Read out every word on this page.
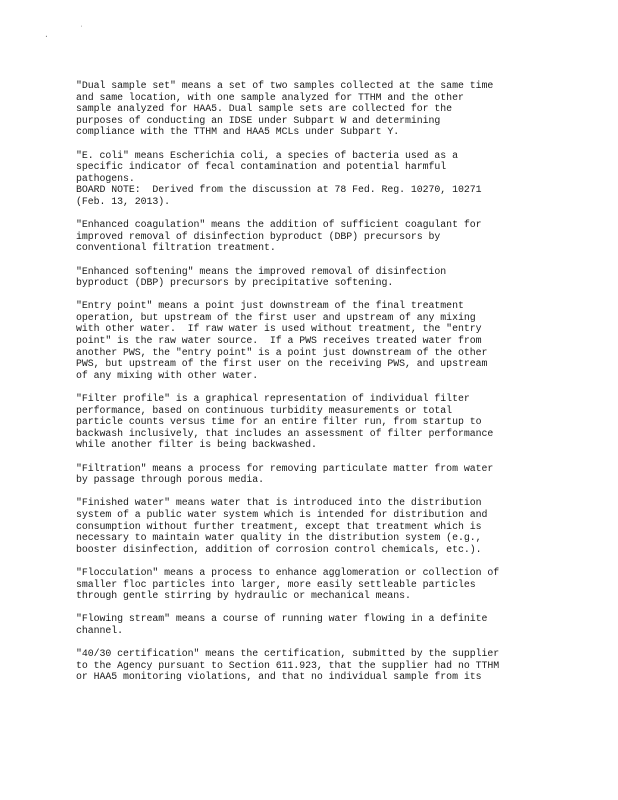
.
˙
"Dual sample set" means a set of two samples collected at the same time
and same location, with one sample analyzed for TTHM and the other
sample analyzed for HAA5. Dual sample sets are collected for the
purposes of conducting an IDSE under Subpart W and determining
compliance with the TTHM and HAA5 MCLs under Subpart Y.
"E. coli" means Escherichia coli, a species of bacteria used as a
specific indicator of fecal contamination and potential harmful
pathogens.
BOARD NOTE:  Derived from the discussion at 78 Fed. Reg. 10270, 10271
(Feb. 13, 2013).
"Enhanced coagulation" means the addition of sufficient coagulant for
improved removal of disinfection byproduct (DBP) precursors by
conventional filtration treatment.
"Enhanced softening" means the improved removal of disinfection
byproduct (DBP) precursors by precipitative softening.
"Entry point" means a point just downstream of the final treatment
operation, but upstream of the first user and upstream of any mixing
with other water.  If raw water is used without treatment, the "entry
point" is the raw water source.  If a PWS receives treated water from
another PWS, the "entry point" is a point just downstream of the other
PWS, but upstream of the first user on the receiving PWS, and upstream
of any mixing with other water.
"Filter profile" is a graphical representation of individual filter
performance, based on continuous turbidity measurements or total
particle counts versus time for an entire filter run, from startup to
backwash inclusively, that includes an assessment of filter performance
while another filter is being backwashed.
"Filtration" means a process for removing particulate matter from water
by passage through porous media.
"Finished water" means water that is introduced into the distribution
system of a public water system which is intended for distribution and
consumption without further treatment, except that treatment which is
necessary to maintain water quality in the distribution system (e.g.,
booster disinfection, addition of corrosion control chemicals, etc.).
"Flocculation" means a process to enhance agglomeration or collection of
smaller floc particles into larger, more easily settleable particles
through gentle stirring by hydraulic or mechanical means.
"Flowing stream" means a course of running water flowing in a definite
channel.
"40/30 certification" means the certification, submitted by the supplier
to the Agency pursuant to Section 611.923, that the supplier had no TTHM
or HAA5 monitoring violations, and that no individual sample from its
